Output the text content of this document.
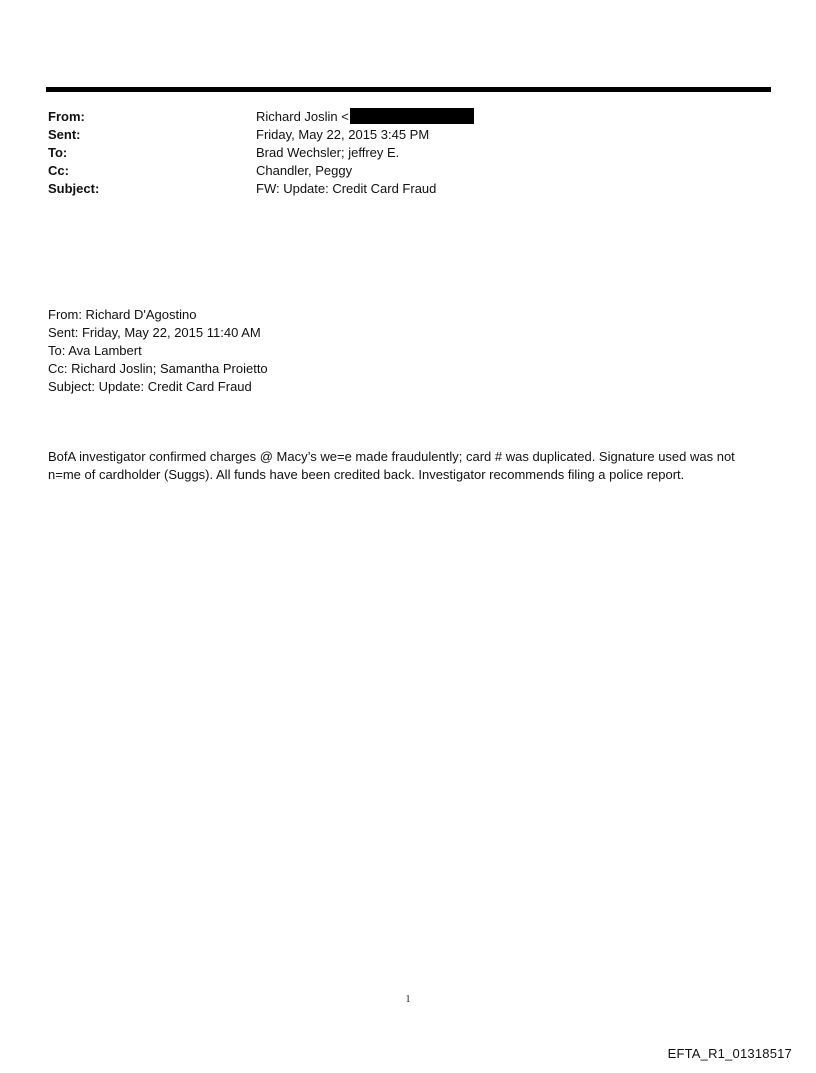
From:	Richard Joslin <
Sent:	Friday, May 22, 2015 3:45 PM
To:	Brad Wechsler; jeffrey E.
Cc:	Chandler, Peggy
Subject:	FW: Update: Credit Card Fraud
From: Richard D'Agostino
Sent: Friday, May 22, 2015 11:40 AM
To: Ava Lambert
Cc: Richard Joslin; Samantha Proietto
Subject: Update: Credit Card Fraud
BofA investigator confirmed charges @ Macy’s we=e made fraudulently; card # was duplicated. Signature used was not
n=me of cardholder (Suggs). All funds have been credited back. Investigator recommends filing a police report.
1
EFTA_R1_01318517
